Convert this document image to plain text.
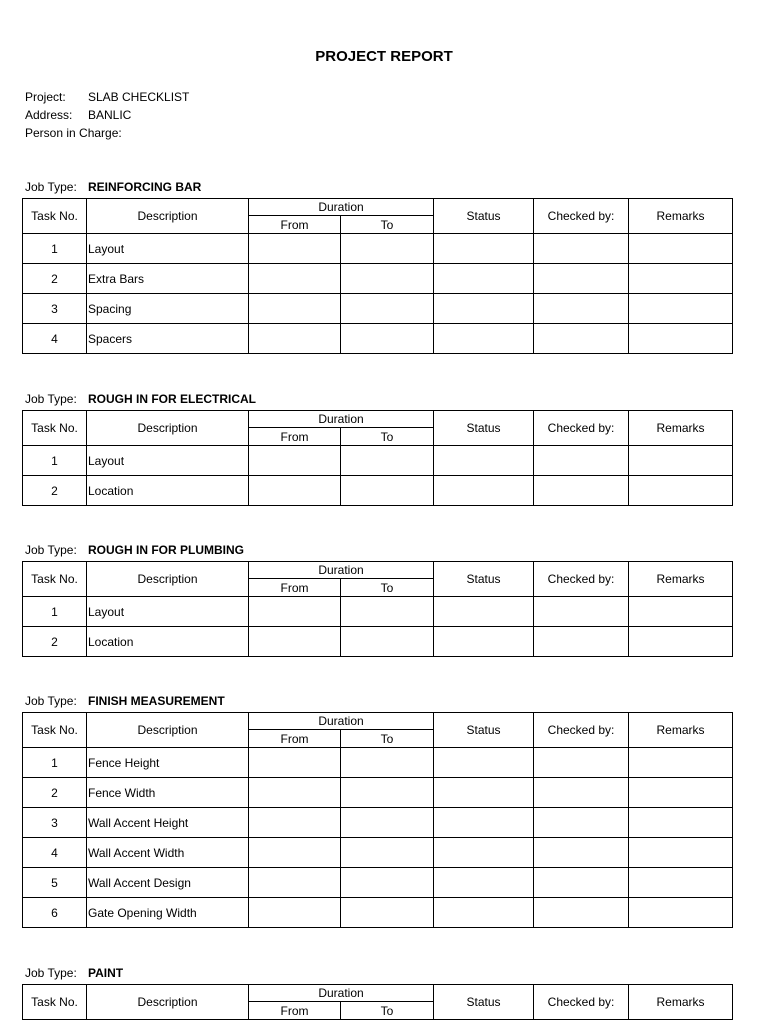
PROJECT REPORT
Project: SLAB CHECKLIST
Address: BANLIC
Person in Charge:
Job Type: REINFORCING BAR
Task No.	Description	Duration		Status	Checked by:	Remarks
		From	To			
1	Layout					
2	Extra Bars					
3	Spacing					
4	Spacers					
Job Type: ROUGH IN FOR ELECTRICAL
Task No.	Description	Duration		Status	Checked by:	Remarks
		From	To			
1	Layout					
2	Location					
Job Type: ROUGH IN FOR PLUMBING
Task No.	Description	Duration		Status	Checked by:	Remarks
		From	To			
1	Layout					
2	Location					
Job Type: FINISH MEASUREMENT
Task No.	Description	Duration		Status	Checked by:	Remarks
		From	To			
1	Fence Height					
2	Fence Width					
3	Wall Accent Height					
4	Wall Accent Width					
5	Wall Accent Design					
6	Gate Opening Width					
Job Type: PAINT
Task No.	Description	Duration		Status	Checked by:	Remarks
		From	To			
